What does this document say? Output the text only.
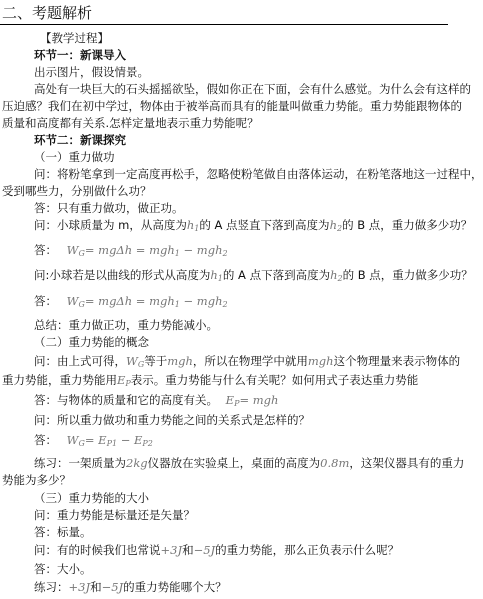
二、考题解析
【教学过程】
环节一：新课导入
出示图片，假设情景。
高处有一块巨大的石头摇摇欲坠，假如你正在下面，会有什么感觉。为什么会有这样的
压迫感？我们在初中学过，物体由于被举高而具有的能量叫做重力势能。重力势能跟物体的
质量和高度都有关系.怎样定量地表示重力势能呢？
环节二：新课探究
（一）重力做功
问：将粉笔拿到一定高度再松手，忽略使粉笔做自由落体运动，在粉笔落地这一过程中，
受到哪些力，分别做什么功？
答：只有重力做功，做正功。
问：小球质量为 m，从高度为$h_1$的 A 点竖直下落到高度为$h_2$的 B 点，重力做多少功？
答： $W_G= mg\Delta h = mgh_1 - mgh_2$
问:小球若是以曲线的形式从高度为$h_1$的 A 点下落到高度为$h_2$的 B 点，重力做多少功？
答： $W_G= mg\Delta h = mgh_1 - mgh_2$
总结：重力做正功，重力势能减小。
（二）重力势能的概念
问：由上式可得，$W_G$等于mgh，所以在物理学中就用mgh这个物理量来表示物体的
重力势能，重力势能用$E_P$表示。重力势能与什么有关呢？如何用式子表达重力势能
答：与物体的质量和它的高度有关。 $E_P=$ mgh
问：所以重力做功和重力势能之间的关系式是怎样的？
答： $W_G= E_{P1} - E_{P2}$
练习：一架质量为2kg仪器放在实验桌上，桌面的高度为0.8m，这架仪器具有的重力
势能为多少？
（三）重力势能的大小
问：重力势能是标量还是矢量？
答：标量。
问：有的时候我们也常说+3J和−5J的重力势能，那么正负表示什么呢？
答：大小。
练习：+3J和−5J的重力势能哪个大？
